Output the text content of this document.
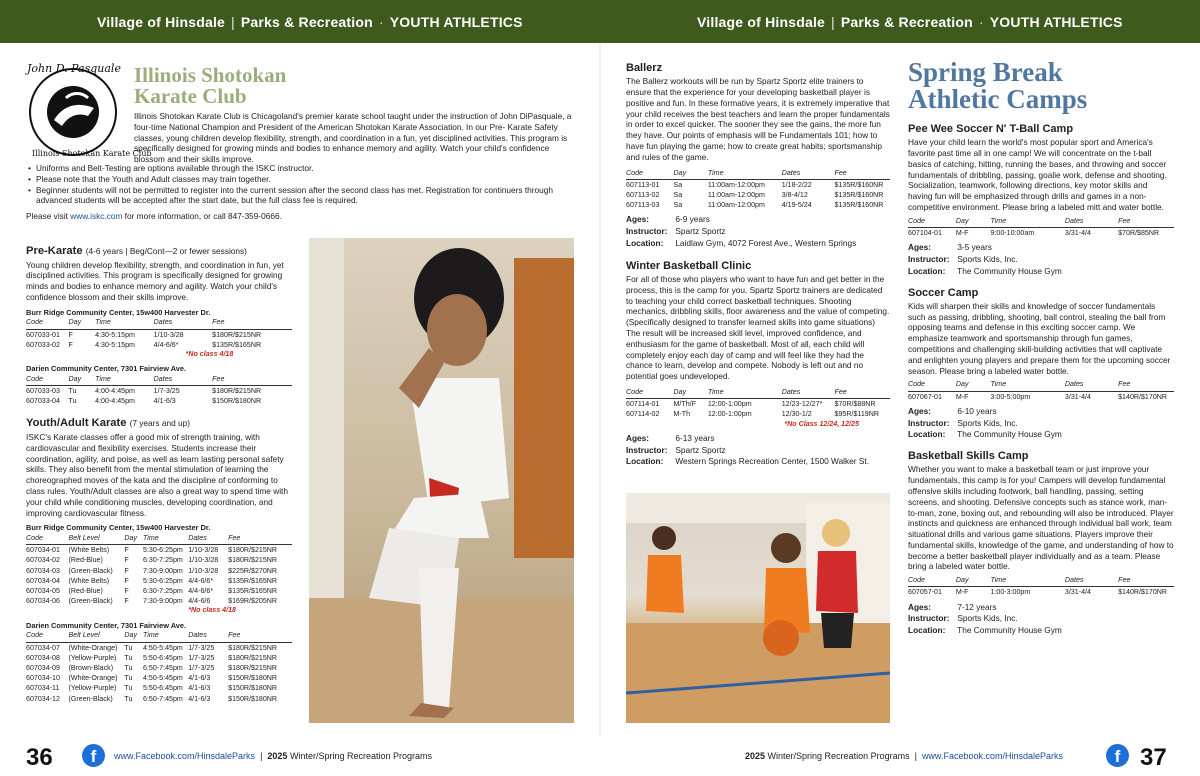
Village of Hinsdale | Parks & Recreation · YOUTH ATHLETICS	Village of Hinsdale | Parks & Recreation · YOUTH ATHLETICS
John D. Pasquale
Illinois Shotokan Karate Club
Illinois Shotokan
Karate Club

Illinois Shotokan Karate Club is Chicagoland's premier karate school taught under the instruction of John DiPasquale, a four-time National Champion and President of the American Shotokan Karate Association. In our Pre- Karate Safety classes, young children develop flexibility, strength, and coordination in a fun, yet disciplined activities. This program is specifically designed for growing minds and bodies to enhance memory and agility. Watch your child's confidence blossom and their skills improve.

• Uniforms and Belt-Testing are options available through the ISKC instructor.
• Please note that the Youth and Adult classes may train together.
• Beginner students will not be permitted to register into the current session after the second class has met. Registration for continuers through advanced students will be accepted after the start date, but the full class fee is required.

Please visit www.iskc.com for more information, or call 847-359-0666.

Pre-Karate (4-6 years | Beg/Cont—2 or fewer sessions)

Young children develop flexibility, strength, and coordination in fun, yet disciplined activities. This program is specifically designed for growing minds and bodies to enhance memory and agility. Watch your child's confidence blossom and their skills improve.

Burr Ridge Community Center, 15w400 Harvester Dr.
Code	Day	Time	Dates	Fee
607033-01	F	4:30-5:15pm	1/10-3/28	$180R/$215NR
607033-02	F	4:30-5:15pm	4/4-6/6*	$135R/$165NR
*No class 4/18
Darien Community Center, 7301 Fairview Ave.
Code	Day	Time	Dates	Fee
607033-03	Tu	4:00-4:45pm	1/7-3/25	$180R/$215NR
607033-04	Tu	4:00-4:45pm	4/1-6/3	$150R/$180NR
Youth/Adult Karate (7 years and up)

ISKC's Karate classes offer a good mix of strength training, with cardiovascular and flexibility exercises. Students increase their coordination, agility, and poise, as well as learn lasting personal safety skills. They also benefit from the mental stimulation of learning the choreographed moves of the kata and the discipline of conforming to class rules. Youth/Adult classes are also a great way to spend time with your child while conditioning muscles, developing coordination, and improving cardiovascular fitness.

Burr Ridge Community Center, 15w400 Harvester Dr.
Code	Belt Level	Day	Time	Dates	Fee
607034-01	(White Belts)	F	5:30-6:25pm	1/10-3/28	$180R/$215NR
607034-02	(Red-Blue)	F	6:30-7:25pm	1/10-3/28	$180R/$215NR
607034-03	(Green-Black)	F	7:30-9:00pm	1/10-3/28	$225R/$270NR
607034-04	(White Belts)	F	5:30-6:25pm	4/4-6/6*	$135R/$165NR
607034-05	(Red-Blue)	F	6:30-7:25pm	4/4-6/6*	$135R/$165NR
607034-06	(Green-Black)	F	7:30-9:00pm	4/4-6/6	$169R/$205NR
*No class 4/18
Darien Community Center, 7301 Fairview Ave.
Code	Belt Level	Day	Time	Dates	Fee
607034-07	(White-Orange)	Tu	4:50-5:45pm	1/7-3/25	$180R/$215NR
607034-08	(Yellow-Purple)	Tu	5:50-6:45pm	1/7-3/25	$180R/$215NR
607034-09	(Brown-Black)	Tu	6:50-7:45pm	1/7-3/25	$180R/$215NR
607034-10	(White-Orange)	Tu	4:50-5:45pm	4/1-6/3	$150R/$180NR
607034-11	(Yellow-Purple)	Tu	5:50-6:45pm	4/1-6/3	$150R/$180NR
607034-12	(Green-Black)	Tu	6:50-7:45pm	4/1-6/3	$150R/$180NR
36	f	www.Facebook.com/HinsdaleParks | 2025 Winter/Spring Recreation Programs
Ballerz

The Ballerz workouts will be run by Spartz Sportz elite trainers to ensure that the experience for your developing basketball player is positive and fun. In these formative years, it is extremely imperative that your child receives the best teachers and learn the proper fundamentals in order to excel quicker. The sooner they see the gains, the more fun they have. Our points of emphasis will be Fundamentals 101; how to have fun playing the game; how to create great habits; sportsmanship and rules of the game.

Code	Day	Time	Dates	Fee
607113-01	Sa	11:00am-12:00pm	1/18-2/22	$135R/$160NR
607113-02	Sa	11:00am-12:00pm	3/8-4/12	$135R/$160NR
607113-03	Sa	11:00am-12:00pm	4/19-5/24	$135R/$160NR
Ages:	6-9 years
Instructor: Spartz Sportz
Location: Laidlaw Gym, 4072 Forest Ave., Western Springs
Winter Basketball Clinic

For all of those who players who want to have fun and get better in the process, this is the camp for you. Spartz Sportz trainers are dedicated to teaching your child correct basketball techniques. Shooting mechanics, dribbling skills, floor awareness and the value of competing. (Specifically designed to transfer learned skills into game situations) The result will be increased skill level, improved confidence, and enthusiasm for the game of basketball. Most of all, each child will completely enjoy each day of camp and will feel like they had the chance to learn, develop and compete. Nobody is left out and no potential goes undeveloped.

Code	Day	Time	Dates	Fee
607114-01	M/Th/F	12:00-1:00pm	12/23-12/27*	$70R/$88NR
607114-02	M-Th	12:00-1:00pm	12/30-1/2	$95R/$119NR
*No Class 12/24, 12/25
Ages:	6-13 years
Instructor: Spartz Sportz
Location: Western Springs Recreation Center, 1500 Walker St.
Spring Break
Athletic Camps
Pee Wee Soccer N' T-Ball Camp

Have your child learn the world's most popular sport and America's favorite past time all in one camp! We will concentrate on the t-ball basics of catching, hitting, running the bases, and throwing and soccer fundamentals of dribbling, passing, goalie work, defense and shooting. Socialization, teamwork, following directions, key motor skills and having fun will be emphasized through drills and games in a non-competitive environment. Please bring a labeled mitt and water bottle.

Code	Day	Time	Dates	Fee
607104-01	M-F	9:00-10:00am	3/31-4/4	$70R/$85NR
Ages:	3-5 years
Instructor: Sports Kids, Inc.
Location: The Community House Gym
Soccer Camp

Kids will sharpen their skills and knowledge of soccer fundamentals such as passing, dribbling, shooting, ball control, stealing the ball from opposing teams and defense in this exciting soccer camp. We emphasize teamwork and sportsmanship through fun games, competitions and challenging skill-building activities that will captivate and enlighten young players and prepare them for the upcoming soccer season. Please bring a labeled water bottle.

Code	Day	Time	Dates	Fee
607067-01	M-F	3:00-5:00pm	3/31-4/4	$140R/$170NR
Ages:	6-10 years
Instructor: Sports Kids, Inc.
Location: The Community House Gym
Basketball Skills Camp

Whether you want to make a basketball team or just improve your fundamentals, this camp is for you! Campers will develop fundamental offensive skills including footwork, ball handling, passing, setting screens, and shooting. Defensive concepts such as stance work, man-to-man, zone, boxing out, and rebounding will also be introduced. Player instincts and quickness are enhanced through individual ball work, team situational drills and various game situations. Players improve their fundamental skills, knowledge of the game, and understanding of how to become a better basketball player individually and as a team. Please bring a labeled water bottle.

Code	Day	Time	Dates	Fee
607057-01	M-F	1:00-3:00pm	3/31-4/4	$140R/$170NR
Ages:	7-12 years
Instructor: Sports Kids, Inc.
Location: The Community House Gym
2025 Winter/Spring Recreation Programs | www.Facebook.com/HinsdaleParks	f 37
